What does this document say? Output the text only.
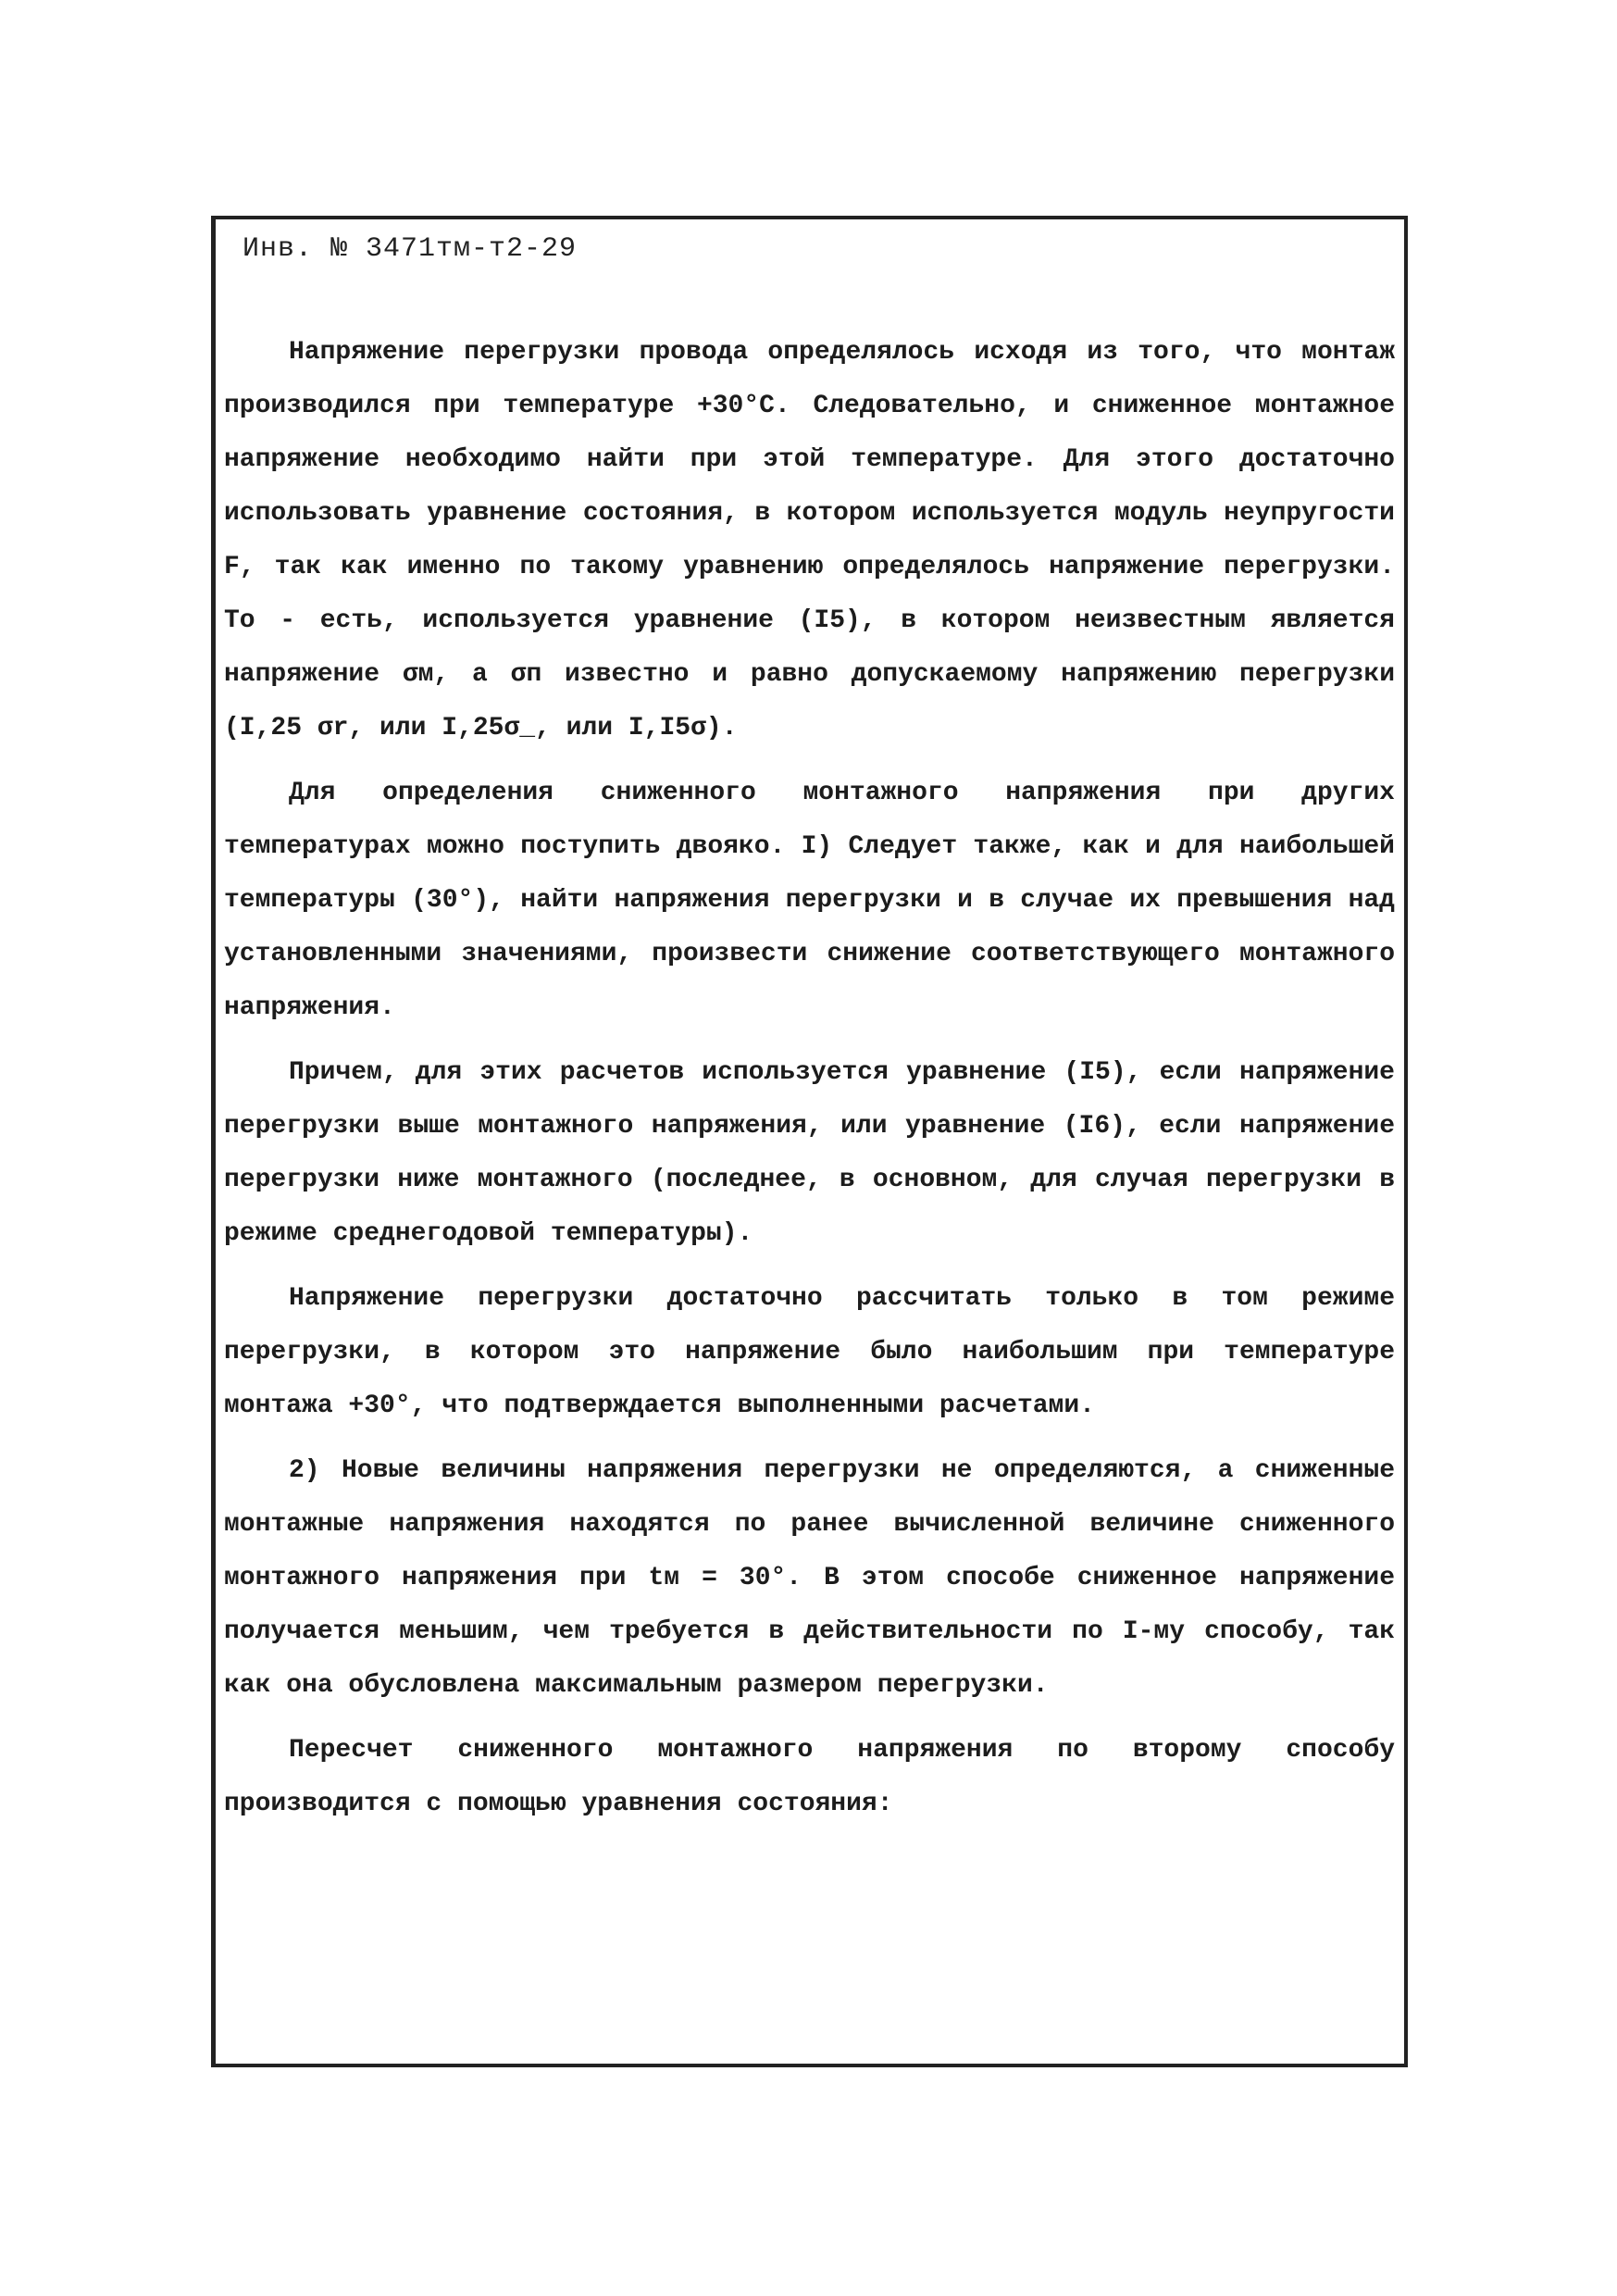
Инв. № 3471тм-т2-29

Напряжение перегрузки провода определялось исходя из того, что монтаж производился при температуре +30°С. Следовательно, и сниженное монтажное напряжение необходимо найти при этой температуре. Для этого достаточно использовать уравнение состояния, в котором используется модуль неупругости F, так как именно по такому уравнению определялось напряжение перегрузки. То - есть, используется уравнение (I5), в котором неизвестным является напряжение σм, а σп известно и равно допускаемому напряжению перегрузки (I,25 σr, или I,25σ_, или I,I5σ).

Для определения сниженного монтажного напряжения при других температурах можно поступить двояко. I) Следует также, как и для наибольшей температуры (30°), найти напряжения перегрузки и в случае их превышения над установленными значениями, произвести снижение соответствующего монтажного напряжения.

Причем, для этих расчетов используется уравнение (I5), если напряжение перегрузки выше монтажного напряжения, или уравнение (I6), если напряжение перегрузки ниже монтажного (последнее, в основном, для случая перегрузки в режиме среднегодовой температуры).

Напряжение перегрузки достаточно рассчитать только в том режиме перегрузки, в котором это напряжение было наибольшим при температуре монтажа +30°, что подтверждается выполненными расчетами.

2) Новые величины напряжения перегрузки не определяются, а сниженные монтажные напряжения находятся по ранее вычисленной величине сниженного монтажного напряжения при tм = 30°. В этом способе сниженное напряжение получается меньшим, чем требуется в действительности по I-му способу, так как она обусловлена максимальным размером перегрузки.

Пересчет сниженного монтажного напряжения по второму способу производится с помощью уравнения состояния:
